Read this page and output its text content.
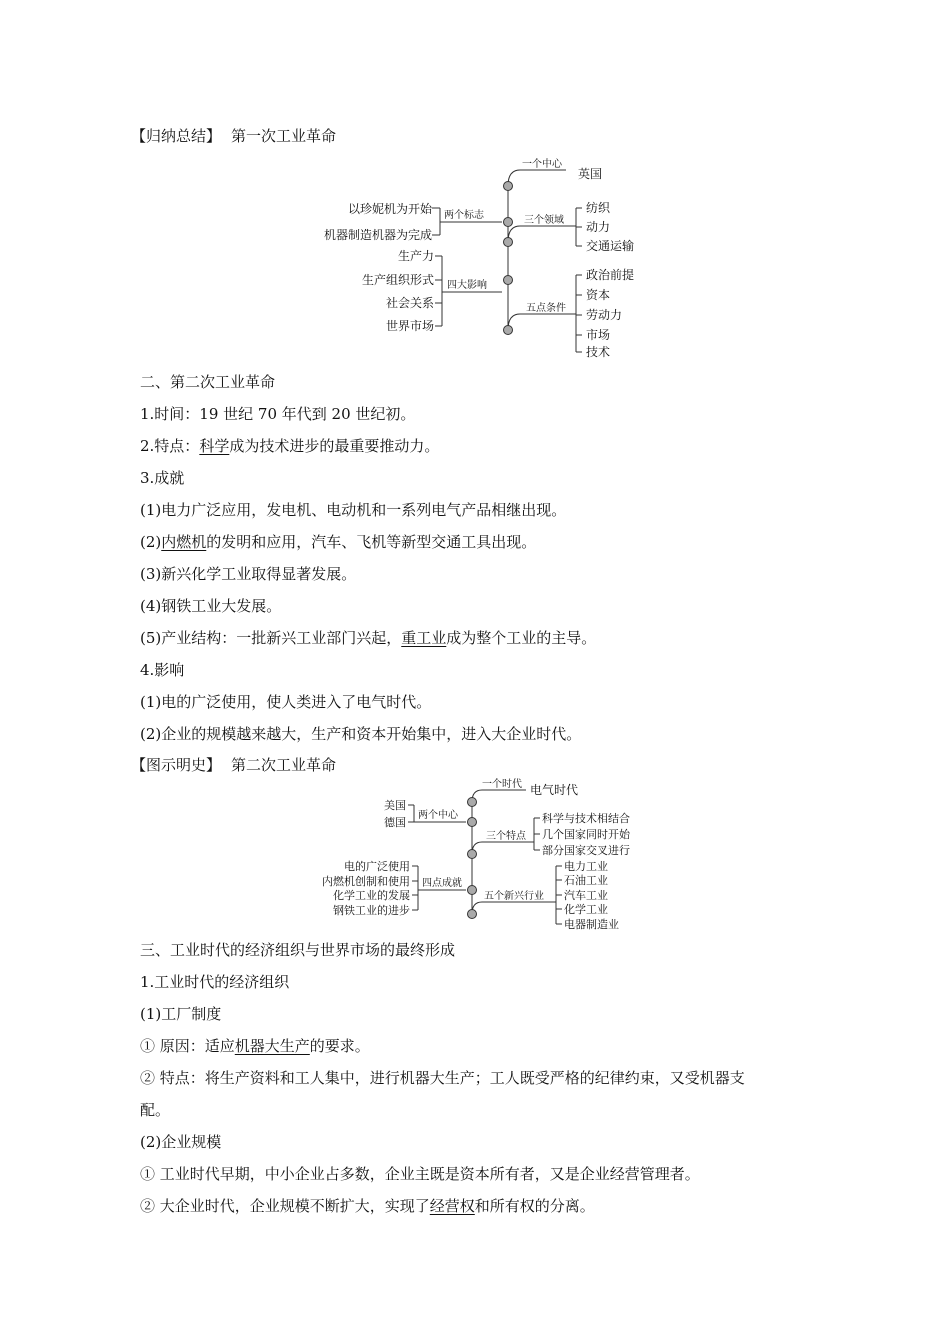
【归纳总结】 第一次工业革命
以珍妮机为开始
机器制造机器为完成
两个标志
生产力
生产组织形式
社会关系
世界市场
四大影响
一个中心
英国
三个领域
纺织
动力
交通运输
五点条件
政治前提
资本
劳动力
市场
技术
二、第二次工业革命
1.时间：19 世纪 70 年代到 20 世纪初。
2.特点：科学成为技术进步的最重要推动力。
3.成就
(1)电力广泛应用，发电机、电动机和一系列电气产品相继出现。
(2)内燃机的发明和应用，汽车、飞机等新型交通工具出现。
(3)新兴化学工业取得显著发展。
(4)钢铁工业大发展。
(5)产业结构：一批新兴工业部门兴起，重工业成为整个工业的主导。
4.影响
(1)电的广泛使用，使人类进入了电气时代。
(2)企业的规模越来越大，生产和资本开始集中，进入大企业时代。
【图示明史】 第二次工业革命
美国
德国
两个中心
电的广泛使用
内燃机创制和使用
化学工业的发展
钢铁工业的进步
四点成就
一个时代 电气时代
三个特点
科学与技术相结合
几个国家同时开始
部分国家交叉进行
五个新兴行业
电力工业
石油工业
汽车工业
化学工业
电器制造业
三、工业时代的经济组织与世界市场的最终形成
1.工业时代的经济组织
(1)工厂制度
① 原因：适应机器大生产的要求。
② 特点：将生产资料和工人集中，进行机器大生产；工人既受严格的纪律约束，又受机器支
配。
(2)企业规模
① 工业时代早期，中小企业占多数，企业主既是资本所有者，又是企业经营管理者。
② 大企业时代，企业规模不断扩大，实现了经营权和所有权的分离。
